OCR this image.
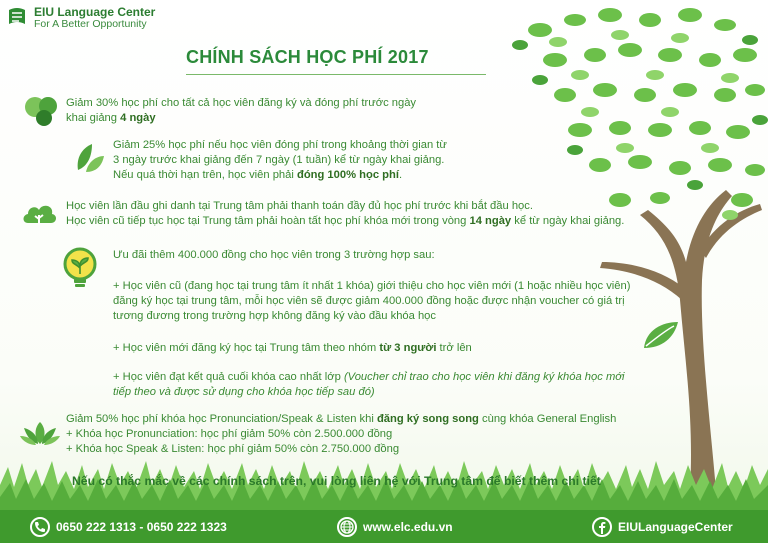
EIU Language Center
For A Better Opportunity
CHÍNH SÁCH HỌC PHÍ 2017
Giảm 30% học phí cho tất cả học viên đăng ký và đóng phí trước ngày
khai giảng 4 ngày
Giảm 25% học phí nếu học viên đóng phí trong khoảng thời gian từ
3 ngày trước khai giảng đến 7 ngày (1 tuần) kể từ ngày khai giảng.
Nếu quá thời hạn trên, học viên phải đóng 100% học phí.
Học viên lần đầu ghi danh tại Trung tâm phải thanh toán đầy đủ học phí trước khi bắt đầu học.
Học viên cũ tiếp tục học tại Trung tâm phải hoàn tất học phí khóa mới trong vòng 14 ngày kể từ ngày khai giảng.
Ưu đãi thêm 400.000 đồng cho học viên trong 3 trường hợp sau:
+ Học viên cũ (đang học tại trung tâm ít nhất 1 khóa) giới thiệu cho học viên mới (1 hoặc nhiều học viên)
đăng ký học tại trung tâm, mỗi học viên sẽ được giảm 400.000 đồng hoặc được nhận voucher có giá trị
tương đương trong trường hợp không đăng ký vào đầu khóa học
+ Học viên mới đăng ký học tại Trung tâm theo nhóm từ 3 người trở lên
+ Học viên đạt kết quả cuối khóa cao nhất lớp (Voucher chỉ trao cho học viên khi đăng ký khóa học mới
tiếp theo và được sử dụng cho khóa học tiếp sau đó)
Giảm 50% học phí khóa học Pronunciation/Speak & Listen khi đăng ký song song cùng khóa General English
+ Khóa học Pronunciation: học phí giảm 50% còn 2.500.000 đồng
+ Khóa học Speak & Listen: học phí giảm 50% còn 2.750.000 đồng
Nếu có thắc mắc về các chính sách trên, vui lòng liên hệ với Trung tâm để biết thêm chi tiết
0650 222 1313 - 0650 222 1323	www.elc.edu.vn	EIULanguageCenter
